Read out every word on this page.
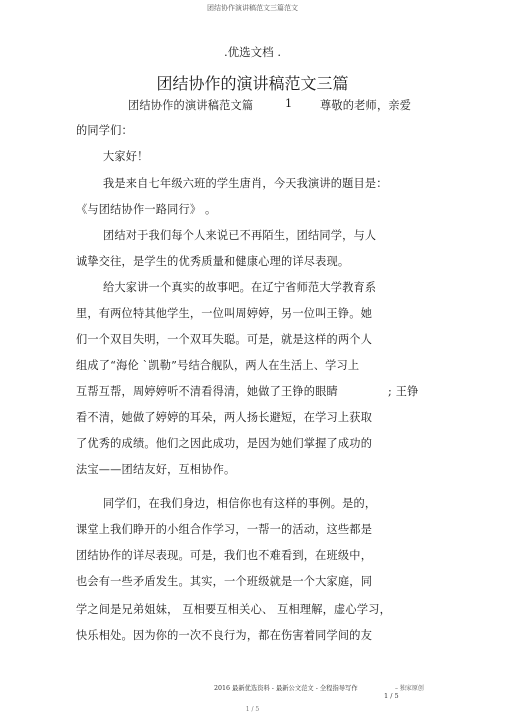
团结协作演讲稿范文三篇范文
.优选文档 .
团结协作的演讲稿范文三篇
团结协作的演讲稿范文篇	1 尊敬的老师，亲爱
的同学们：
大家好！
我是来自七年级六班的学生唐肖，今天我演讲的题目是：
《与团结协作一路同行》 。
团结对于我们每个人来说已不再陌生，团结同学，与人
诚挚交往，是学生的优秀质量和健康心理的详尽表现。
给大家讲一个真实的故事吧。在辽宁省师范大学教育系
里，有两位特其他学生，一位叫周婷婷，另一位叫王铮。她
们一个双目失明，一个双耳失聪。可是，就是这样的两个人
组成了“海伦 `凯勒”号结合舰队，两人在生活上、学习上
互帮互帮，周婷婷听不清看得清，她做了王铮的眼睛	; 王铮
看不清，她做了婷婷的耳朵，两人扬长避短，在学习上获取
了优秀的成绩。他们之因此成功，是因为她们掌握了成功的
法宝——团结友好，互相协作。
同学们，在我们身边，相信你也有这样的事例。是的，
课堂上我们睁开的小组合作学习，一帮一的活动，这些都是
团结协作的详尽表现。可是，我们也不难看到，在班级中，
也会有一些矛盾发生。其实，一个班级就是一个大家庭，同
学之间是兄弟姐妹， 互相要互相关心、 互相理解，虚心学习，
快乐相处。因为你的一次不良行为，都在伤害着同学间的友
2016 最新优选资料 - 最新公文范文 - 全程指导写作	– 独家原创
1 / 5
1 / 5
